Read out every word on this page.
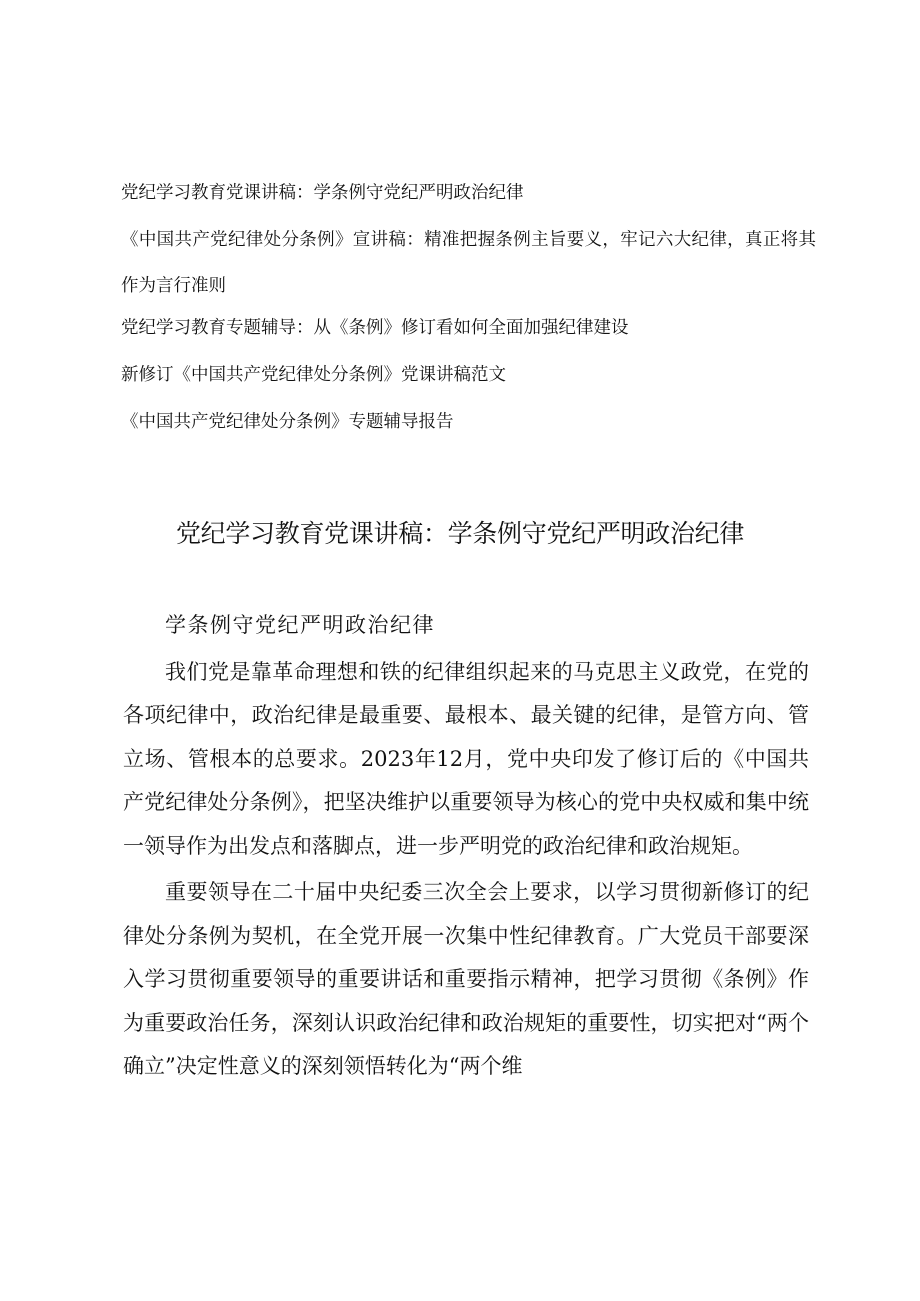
党纪学习教育党课讲稿：学条例守党纪严明政治纪律
《中国共产党纪律处分条例》宣讲稿：精准把握条例主旨要义，牢记六大纪律，真正将其作为言行准则
党纪学习教育专题辅导：从《条例》修订看如何全面加强纪律建设
新修订《中国共产党纪律处分条例》党课讲稿范文
《中国共产党纪律处分条例》专题辅导报告
党纪学习教育党课讲稿：学条例守党纪严明政治纪律

学条例守党纪严明政治纪律

我们党是靠革命理想和铁的纪律组织起来的马克思主义政党，在党的各项纪律中，政治纪律是最重要、最根本、最关键的纪律，是管方向、管立场、管根本的总要求。2023年12月，党中央印发了修订后的《中国共产党纪律处分条例》，把坚决维护以重要领导为核心的党中央权威和集中统一领导作为出发点和落脚点，进一步严明党的政治纪律和政治规矩。

重要领导在二十届中央纪委三次全会上要求，以学习贯彻新修订的纪律处分条例为契机，在全党开展一次集中性纪律教育。广大党员干部要深入学习贯彻重要领导的重要讲话和重要指示精神，把学习贯彻《条例》作为重要政治任务，深刻认识政治纪律和政治规矩的重要性，切实把对“两个确立”决定性意义的深刻领悟转化为“两个维
